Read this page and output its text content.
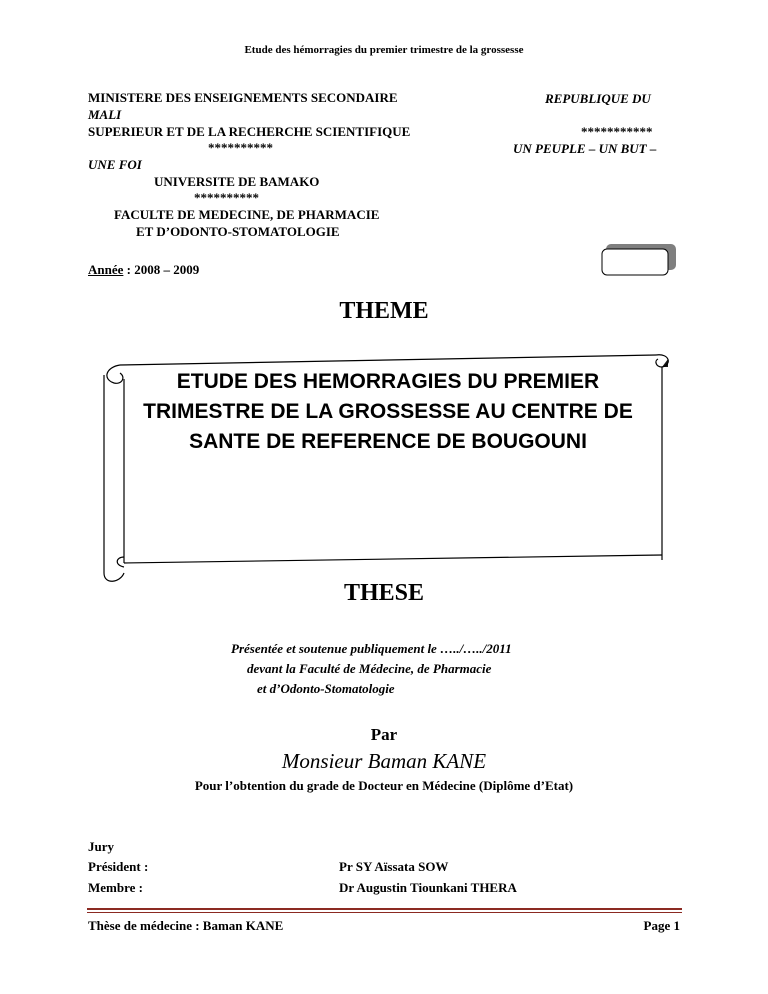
Etude des hémorragies du premier trimestre de la grossesse
MINISTERE DES ENSEIGNEMENTS SECONDAIRE
MALI
SUPERIEUR ET DE LA RECHERCHE SCIENTIFIQUE
**********
UNE FOI
UNIVERSITE DE BAMAKO
**********
FACULTE DE MEDECINE, DE PHARMACIE
ET D’ODONTO-STOMATOLOGIE
REPUBLIQUE DU
***********
UN PEUPLE – UN BUT –
Année : 2008 – 2009
THEME
ETUDE DES HEMORRAGIES DU PREMIER TRIMESTRE DE LA GROSSESSE AU CENTRE DE SANTE DE REFERENCE DE BOUGOUNI
THESE
Présentée et soutenue publiquement le …../…../2011
devant la Faculté de Médecine, de Pharmacie
et d’Odonto-Stomatologie
Par
Monsieur Baman KANE
Pour l’obtention du grade de Docteur en Médecine (Diplôme d’Etat)
Jury
Président :	Pr SY Aïssata SOW
Membre :	Dr Augustin Tiounkani THERA
Thèse de médecine : Baman KANE	Page 1
